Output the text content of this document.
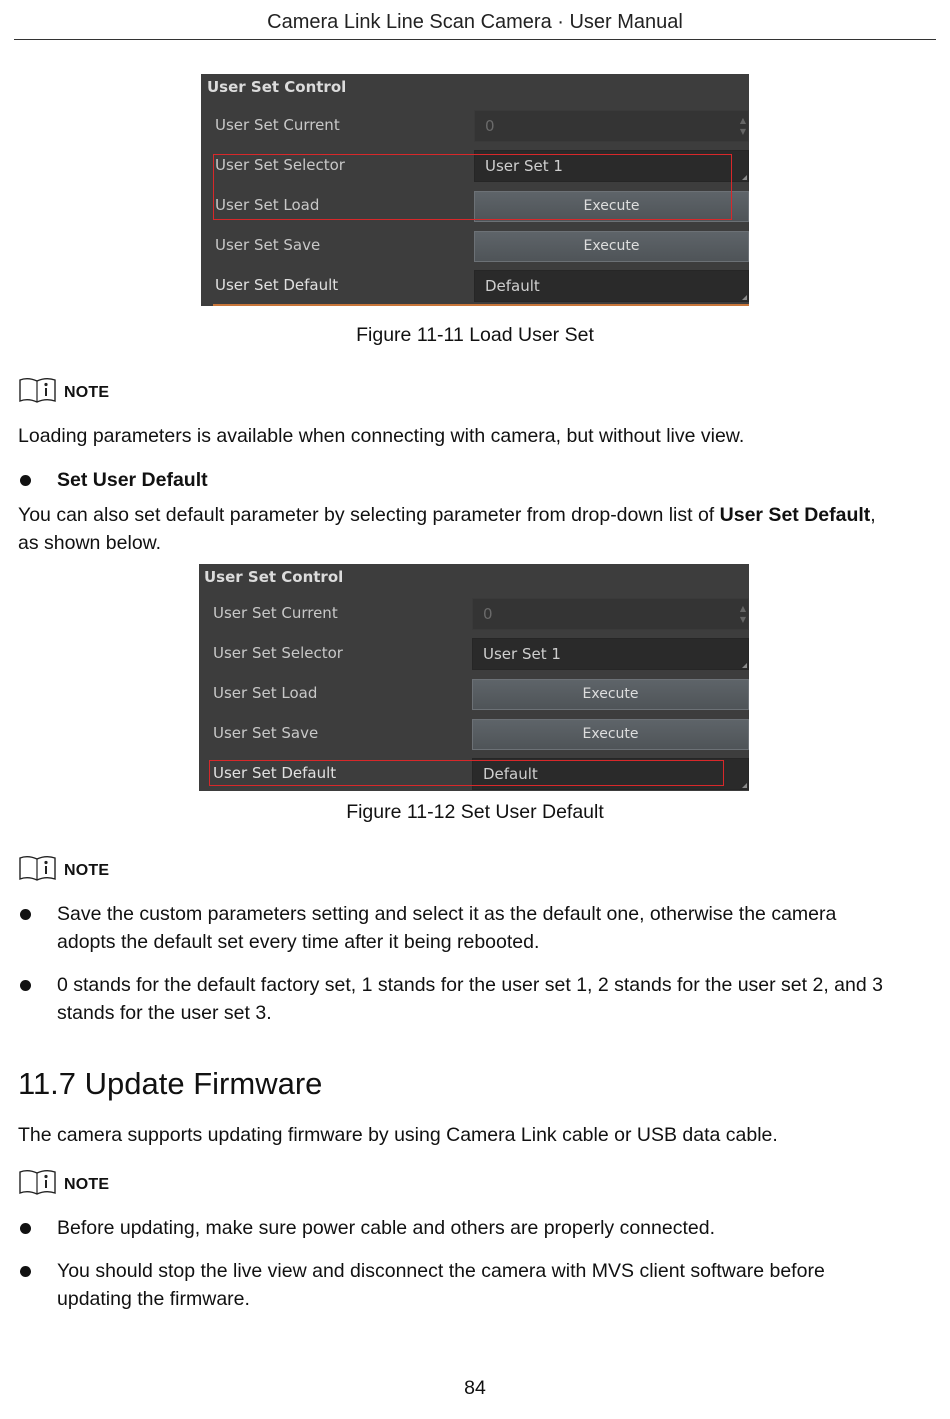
Camera Link Line Scan Camera · User Manual
User Set Control
User Set Current	0	▲
▼
User Set Selector	User Set 1
User Set Load	Execute
User Set Save	Execute
User Set Default	Default
Figure 11-11 Load User Set
NOTE
Loading parameters is available when connecting with camera, but without live view.
Set User Default
You can also set default parameter by selecting parameter from drop-down list of User Set Default,
as shown below.
User Set Control
User Set Current	0	▲
▼
User Set Selector	User Set 1
User Set Load	Execute
User Set Save	Execute
User Set Default	Default
Figure 11-12 Set User Default
NOTE
Save the custom parameters setting and select it as the default one, otherwise the camera adopts the default set every time after it being rebooted.
0 stands for the default factory set, 1 stands for the user set 1, 2 stands for the user set 2, and 3 stands for the user set 3.
11.7 Update Firmware
The camera supports updating firmware by using Camera Link cable or USB data cable.
NOTE
Before updating, make sure power cable and others are properly connected.
You should stop the live view and disconnect the camera with MVS client software before updating the firmware.
84
